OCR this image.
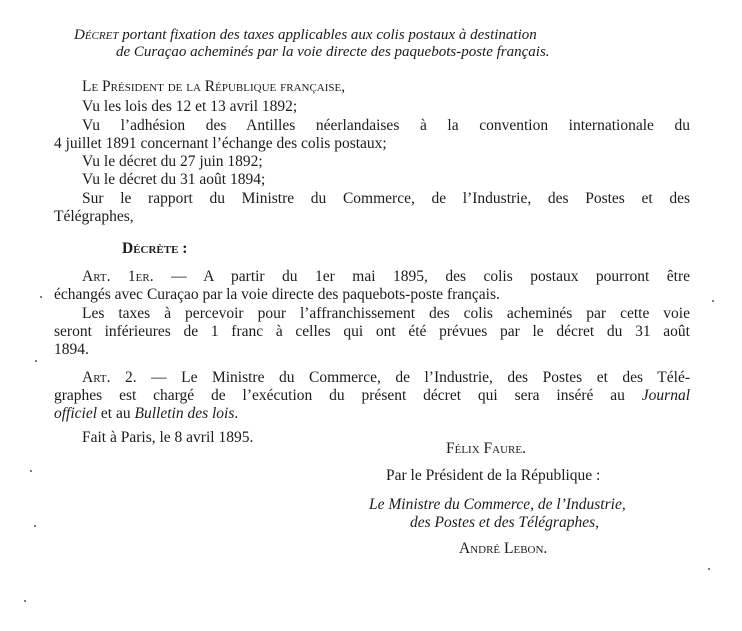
Décret portant fixation des taxes applicables aux colis postaux à destination
de Curaçao acheminés par la voie directe des paquebots-poste français.
Le Président de la République française,
Vu les lois des 12 et 13 avril 1892;
Vu l’adhésion des Antilles néerlandaises à la convention internationale du
4 juillet 1891 concernant l’échange des colis postaux;
Vu le décret du 27 juin 1892;
Vu le décret du 31 août 1894;
Sur le rapport du Ministre du Commerce, de l’Industrie, des Postes et des
Télégraphes,
Décrète :
Art. 1er. — A partir du 1er mai 1895, des colis postaux pourront être
échangés avec Curaçao par la voie directe des paquebots-poste français.
Les taxes à percevoir pour l’affranchissement des colis acheminés par cette voie
seront inférieures de 1 franc à celles qui ont été prévues par le décret du 31 août
1894.
Art. 2. — Le Ministre du Commerce, de l’Industrie, des Postes et des Télé-
graphes est chargé de l’exécution du présent décret qui sera inséré au Journal
officiel et au Bulletin des lois.
Fait à Paris, le 8 avril 1895.
Félix Faure.
Par le Président de la République :
Le Ministre du Commerce, de l’Industrie,
des Postes et des Télégraphes,
André Lebon.
